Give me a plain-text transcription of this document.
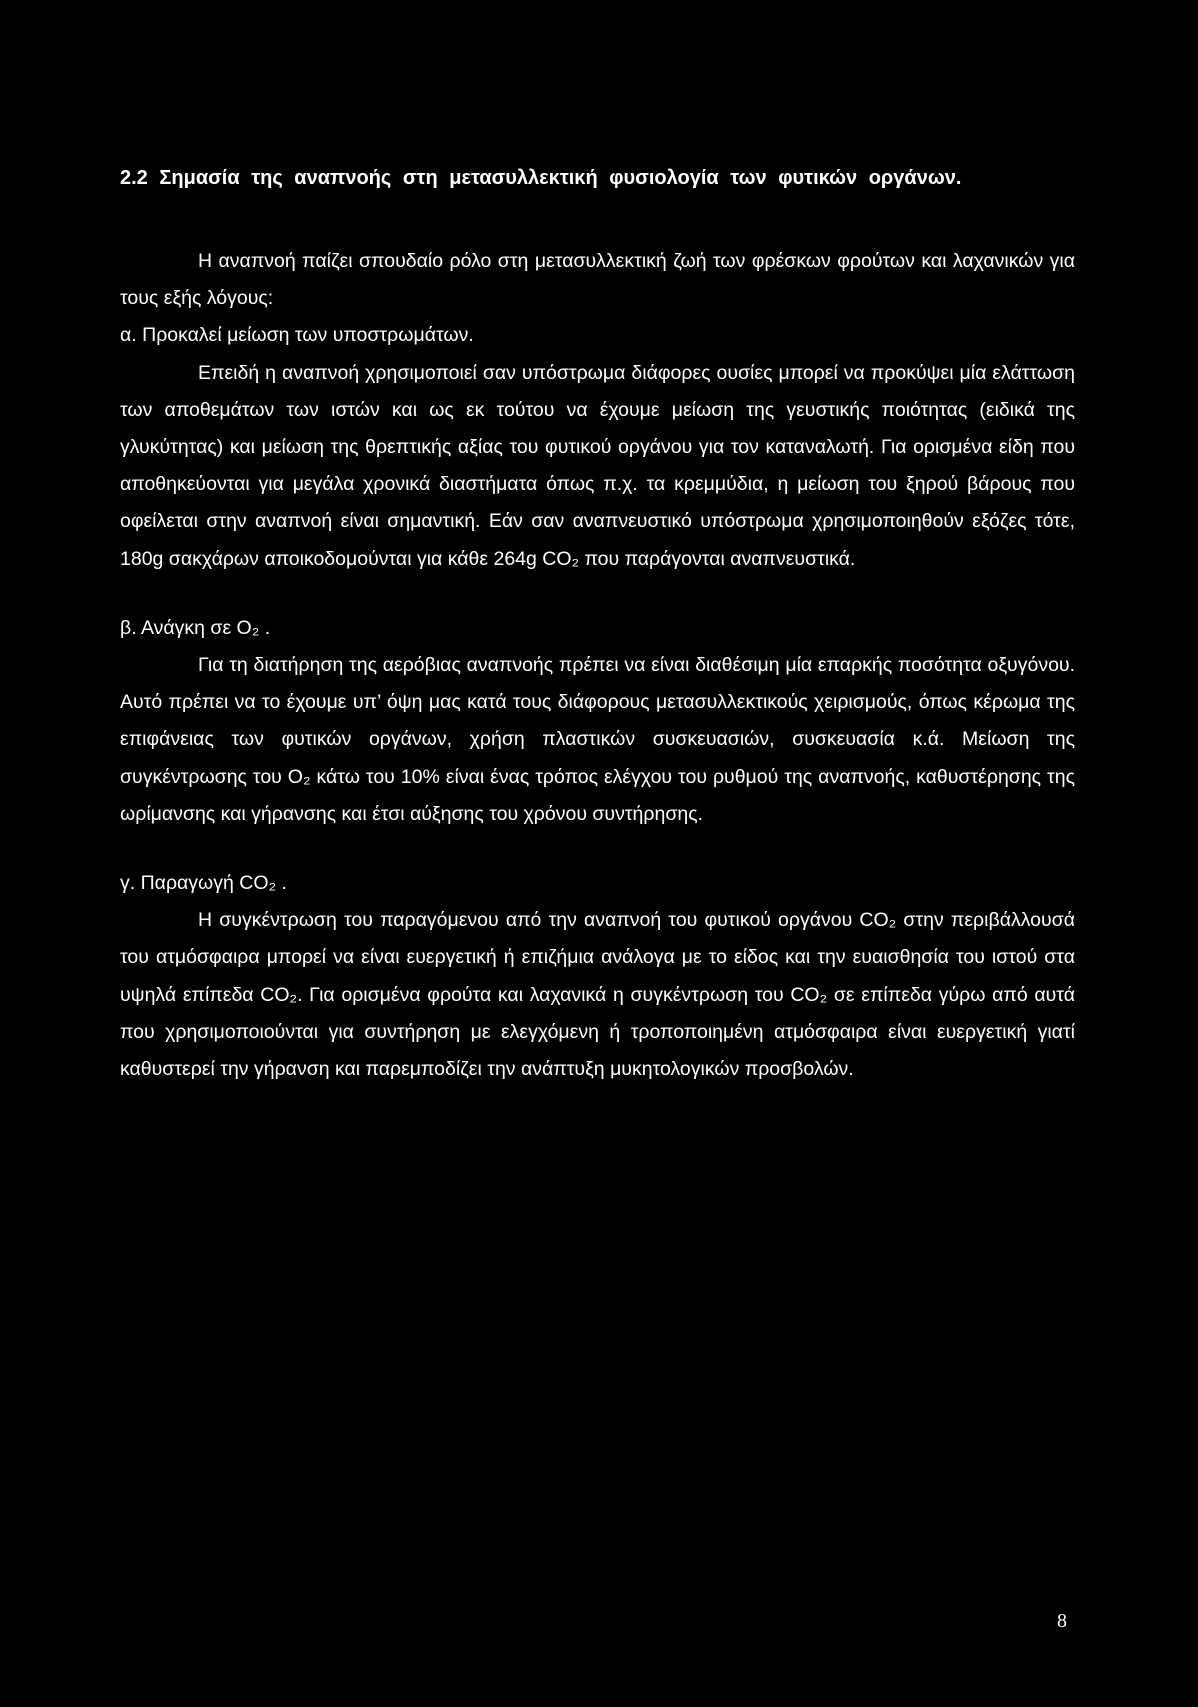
2.2 Σημασία της αναπνοής στη μετασυλλεκτική φυσιολογία των φυτικών οργάνων.

Η αναπνοή παίζει σπουδαίο ρόλο στη μετασυλλεκτική ζωή των φρέσκων φρούτων και λαχανικών για τους εξής λόγους:

α. Προκαλεί μείωση των υποστρωμάτων.

Επειδή η αναπνοή χρησιμοποιεί σαν υπόστρωμα διάφορες ουσίες μπορεί να προκύψει μία ελάττωση των αποθεμάτων των ιστών και ως εκ τούτου να έχουμε μείωση της γευστικής ποιότητας (ειδικά της γλυκύτητας) και μείωση της θρεπτικής αξίας του φυτικού οργάνου για τον καταναλωτή. Για ορισμένα είδη που αποθηκεύονται για μεγάλα χρονικά διαστήματα όπως π.χ. τα κρεμμύδια, η μείωση του ξηρού βάρους που οφείλεται στην αναπνοή είναι σημαντική. Εάν σαν αναπνευστικό υπόστρωμα χρησιμοποιηθούν εξόζες τότε, 180g σακχάρων αποικοδομούνται για κάθε 264g CO₂ που παράγονται αναπνευστικά.

β. Ανάγκη σε O₂ .

Για τη διατήρηση της αερόβιας αναπνοής πρέπει να είναι διαθέσιμη μία επαρκής ποσότητα οξυγόνου. Αυτό πρέπει να το έχουμε υπ’ όψη μας κατά τους διάφορους μετασυλλεκτικούς χειρισμούς, όπως κέρωμα της επιφάνειας των φυτικών οργάνων, χρήση πλαστικών συσκευασιών, συσκευασία κ.ά. Μείωση της συγκέντρωσης του O₂ κάτω του 10% είναι ένας τρόπος ελέγχου του ρυθμού της αναπνοής, καθυστέρησης της ωρίμανσης και γήρανσης και έτσι αύξησης του χρόνου συντήρησης.

γ. Παραγωγή CO₂ .

Η συγκέντρωση του παραγόμενου από την αναπνοή του φυτικού οργάνου CO₂ στην περιβάλλουσά του ατμόσφαιρα μπορεί να είναι ευεργετική ή επιζήμια ανάλογα με το είδος και την ευαισθησία του ιστού στα υψηλά επίπεδα CO₂. Για ορισμένα φρούτα και λαχανικά η συγκέντρωση του CO₂ σε επίπεδα γύρω από αυτά που χρησιμοποιούνται για συντήρηση με ελεγχόμενη ή τροποποιημένη ατμόσφαιρα είναι ευεργετική γιατί καθυστερεί την γήρανση και παρεμποδίζει την ανάπτυξη μυκητολογικών προσβολών.

8
